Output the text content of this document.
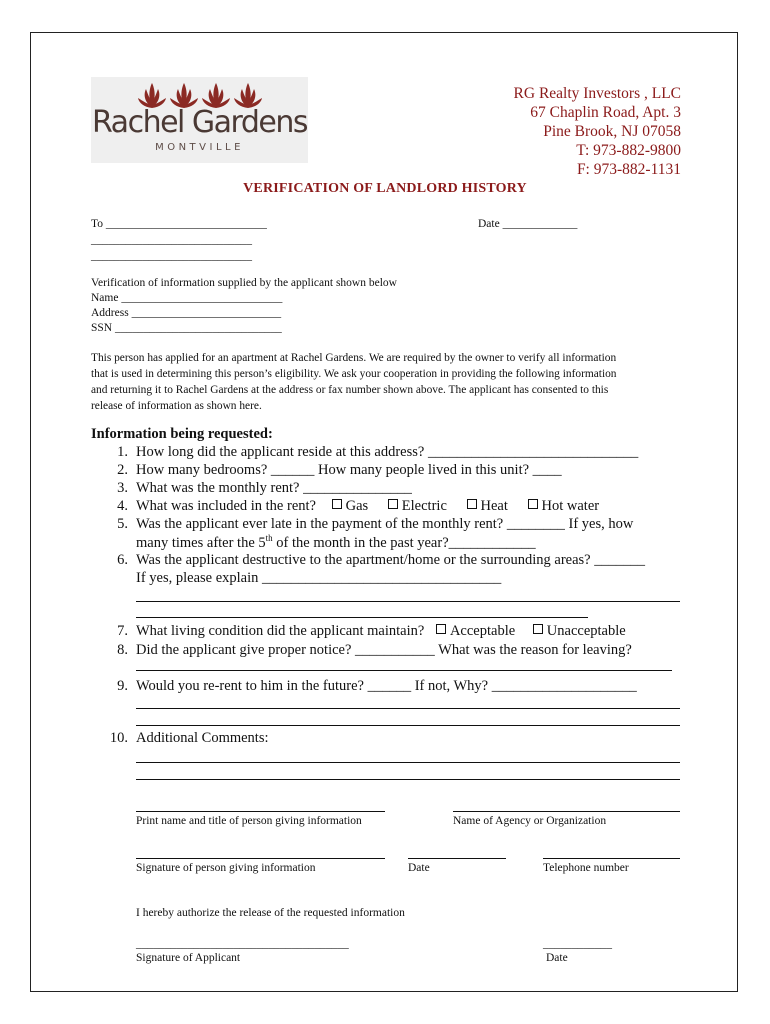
Rachel Gardens
MONTVILLE
RG Realty Investors , LLC
67 Chaplin Road, Apt. 3
Pine Brook, NJ 07058
T: 973-882-9800
F: 973-882-1131
VERIFICATION OF LANDLORD HISTORY
To ____________________________
____________________________
____________________________
Date _____________
Verification of information supplied by the applicant shown below
Name ____________________________
Address __________________________
SSN _____________________________
This person has applied for an apartment at Rachel Gardens. We are required by the owner to verify all information
that is used in determining this person’s eligibility. We ask your cooperation in providing the following information
and returning it to Rachel Gardens at the address or fax number shown above. The applicant has consented to this
release of information as shown here.
Information being requested:
1. How long did the applicant reside at this address? _____________________________
2. How many bedrooms? ______ How many people lived in this unit? ____
3. What was the monthly rent? _______________
4. What was included in the rent? Gas Electric Heat Hot water
5. Was the applicant ever late in the payment of the monthly rent? ________ If yes, how
many times after the 5th of the month in the past year?____________
6. Was the applicant destructive to the apartment/home or the surrounding areas? _______
If yes, please explain _________________________________
7. What living condition did the applicant maintain? Acceptable Unacceptable
8. Did the applicant give proper notice? ___________ What was the reason for leaving?
9. Would you re-rent to him in the future? ______ If not, Why? ____________________
10. Additional Comments:
Print name and title of person giving information	Name of Agency or Organization
Signature of person giving information	Date	Telephone number
I hereby authorize the release of the requested information
_____________________________________	____________
Signature of Applicant	Date
